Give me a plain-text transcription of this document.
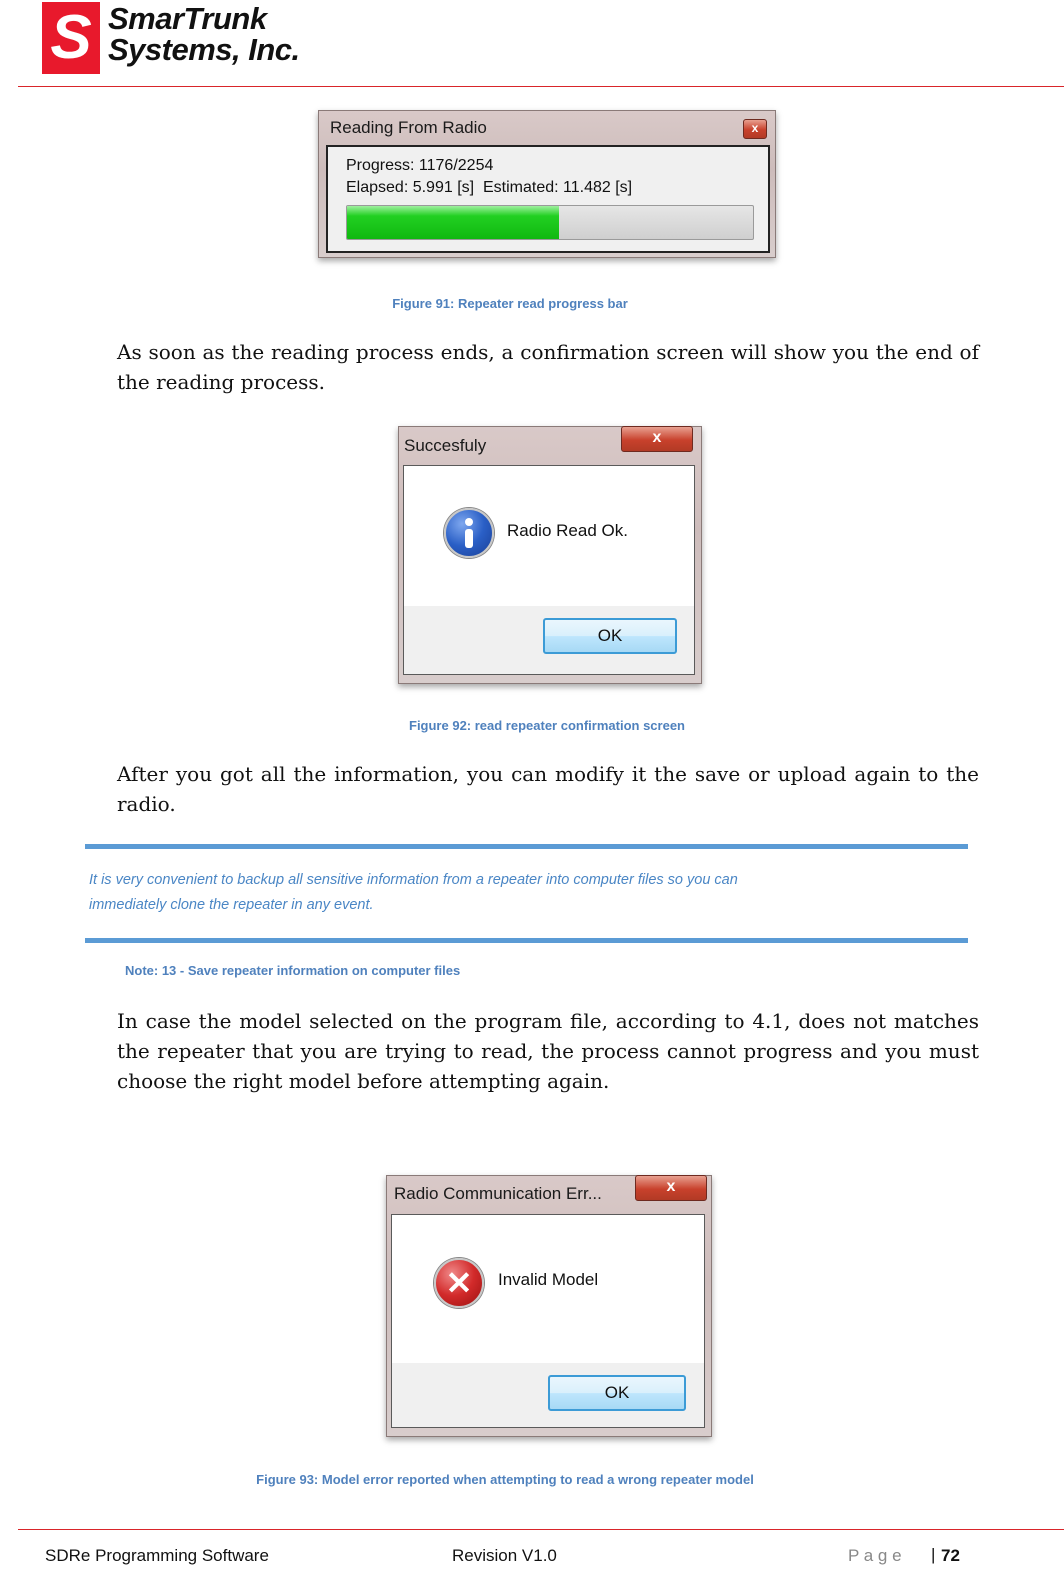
S SmarTrunk
Systems, Inc.
Reading From Radio	x
Progress: 1176/2254
Elapsed: 5.991 [s]  Estimated: 11.482 [s]
Figure 91: Repeater read progress bar
As soon as the reading process ends, a confirmation screen will show you the end of the reading process.
Succesfuly	x
Radio Read Ok.
OK
Figure 92: read repeater confirmation screen
After you got all the information, you can modify it the save or upload again to the radio.
It is very convenient to backup all sensitive information from a repeater into computer files so you can
immediately clone the repeater in any event.
Note: 13 - Save repeater information on computer files
In case the model selected on the program file, according to 4.1, does not matches the repeater that you are trying to read, the process cannot progress and you must choose the right model before attempting again.
Radio Communication Err...	x
✕	Invalid Model
OK
Figure 93: Model error reported when attempting to read a wrong repeater model
SDRe Programming Software	Revision V1.0	P a g e | 72
